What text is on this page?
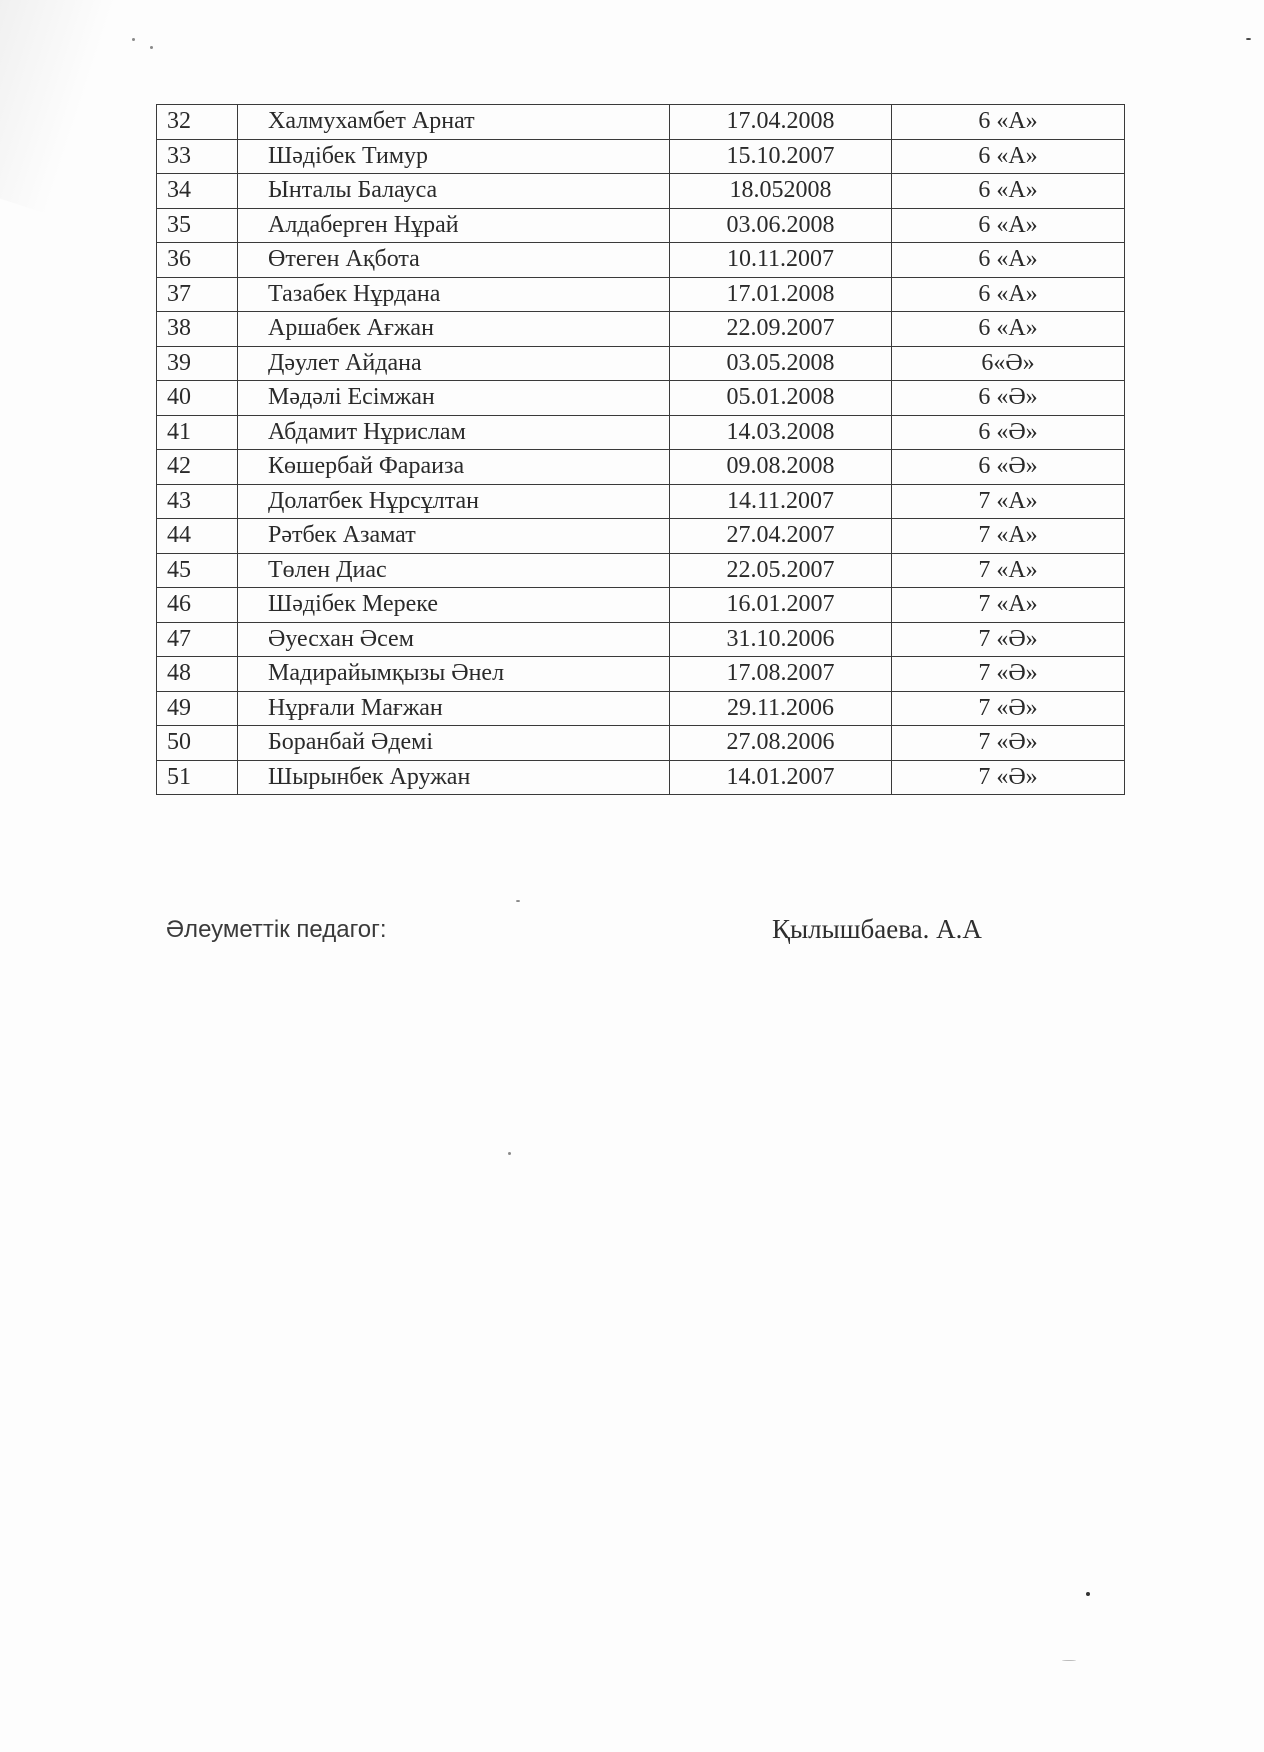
32	Халмухамбет Арнат	17.04.2008	6 «А»
33	Шәдібек Тимур	15.10.2007	6 «А»
34	Ынталы Балауса	18.052008	6 «А»
35	Алдаберген Нұрай	03.06.2008	6 «А»
36	Өтеген Ақбота	10.11.2007	6 «А»
37	Тазабек Нұрдана	17.01.2008	6 «А»
38	Аршабек Ағжан	22.09.2007	6 «А»
39	Дәулет Айдана	03.05.2008	6«Ә»
40	Мәдәлі Есімжан	05.01.2008	6 «Ә»
41	Абдамит Нұрислам	14.03.2008	6 «Ә»
42	Көшербай Фараиза	09.08.2008	6 «Ә»
43	Долатбек Нұрсұлтан	14.11.2007	7 «А»
44	Рәтбек Азамат	27.04.2007	7 «А»
45	Төлен Диас	22.05.2007	7 «А»
46	Шәдібек Мереке	16.01.2007	7 «А»
47	Әуесхан Әсем	31.10.2006	7 «Ә»
48	Мадирайымқызы Әнел	17.08.2007	7 «Ә»
49	Нұрғали Мағжан	29.11.2006	7 «Ә»
50	Боранбай Әдемі	27.08.2006	7 «Ә»
51	Шырынбек Аружан	14.01.2007	7 «Ә»
Әлеуметтік педагог:	Қылышбаева. А.А
